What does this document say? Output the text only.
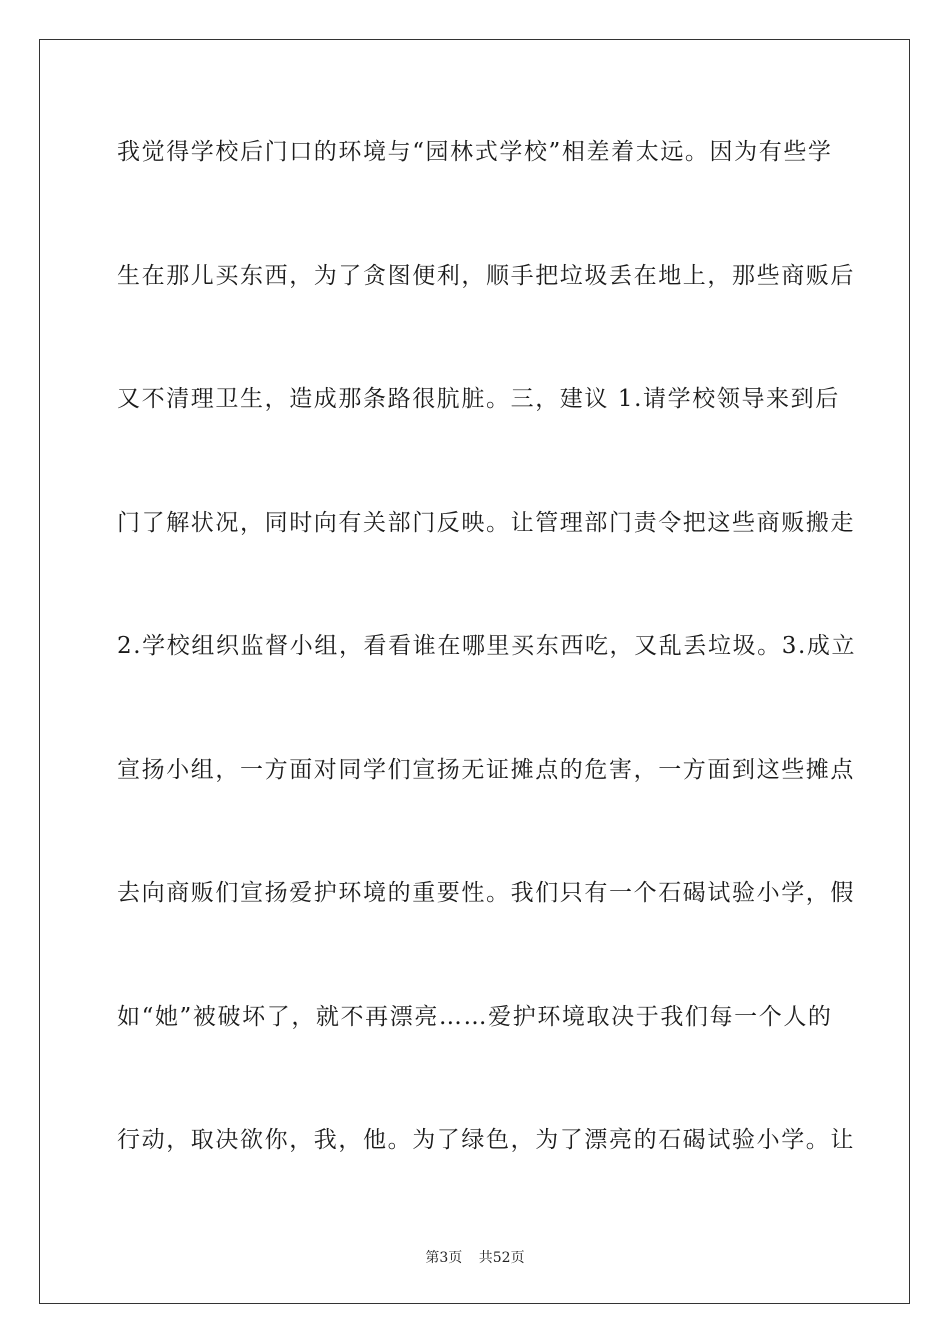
我觉得学校后门口的环境与“园林式学校”相差着太远。因为有些学
生在那儿买东西，为了贪图便利，顺手把垃圾丢在地上，那些商贩后
又不清理卫生，造成那条路很肮脏。三，建议 1.请学校领导来到后
门了解状况，同时向有关部门反映。让管理部门责令把这些商贩搬走
2.学校组织监督小组，看看谁在哪里买东西吃，又乱丢垃圾。3.成立
宣扬小组，一方面对同学们宣扬无证摊点的危害，一方面到这些摊点
去向商贩们宣扬爱护环境的重要性。我们只有一个石碣试验小学，假
如“她”被破坏了，就不再漂亮……爱护环境取决于我们每一个人的
行动，取决欲你，我，他。为了绿色，为了漂亮的石碣试验小学。让
第3页 共52页
